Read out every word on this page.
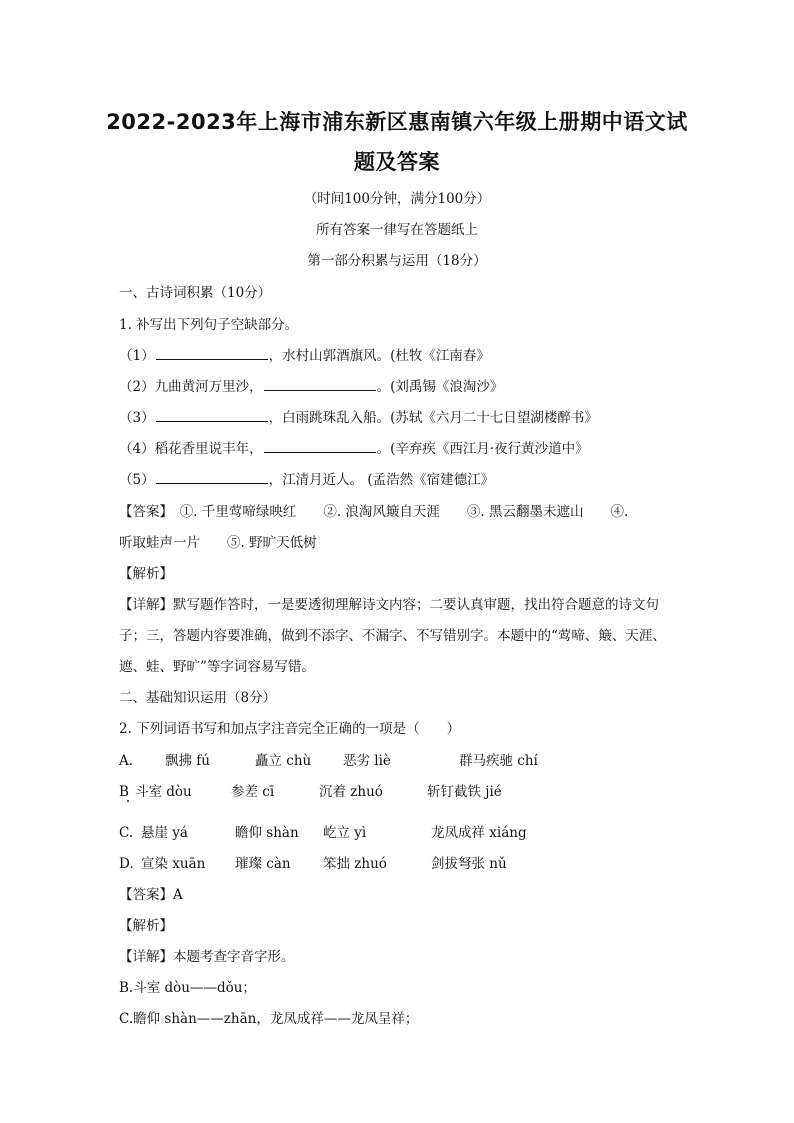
2022-2023年上海市浦东新区惠南镇六年级上册期中语文试
题及答案
（时间100分钟，满分100分）
所有答案一律写在答题纸上
第一部分积累与运用（18分）
一、古诗词积累（10分）
1. 补写出下列句子空缺部分。
（1）	，水村山郭酒旗风。(杜牧《江南春》
（2）九曲黄河万里沙，	。(刘禹锡《浪淘沙》
（3）	，白雨跳珠乱入船。(苏轼《六月二十七日望湖楼醉书》
（4）稻花香里说丰年，	。(辛弃疾《西江月·夜行黄沙道中》
（5）	，江清月近人。 (孟浩然《宿建德江》
【答案】　 ①. 千里莺啼绿映红　　②. 浪淘风簸自天涯　　③. 黑云翻墨未遮山　　④.
听取蛙声一片　　⑤. 野旷天低树
【解析】
【详解】默写题作答时，一是要透彻理解诗文内容；二要认真审题，找出符合题意的诗文句
子；三，答题内容要准确，做到不添字、不漏字、不写错别字。本题中的“莺啼、簸、天涯、
遮、蛙、野旷”等字词容易写错。
二、基础知识运用（8分）
2. 下列词语书写和加点字注音完全正确的一项是（　　）
A.飘拂 fú	矗立 chù 恶劣 liè	群马疾驰 chí
B斗室 dòu	参差 cī	沉着 zhuó	斩钉截铁 jié
C.悬崖 yá	瞻仰 shàn 屹立 yì	龙凤成祥 xiáng
D.宣染 xuān 璀璨 càn 笨拙 zhuó	剑拔弩张 nǔ
【答案】A
【解析】
【详解】本题考查字音字形。
B.斗室 dòu——dǒu；
C.瞻仰 shàn——zhān，龙凤成祥——龙凤呈祥；
